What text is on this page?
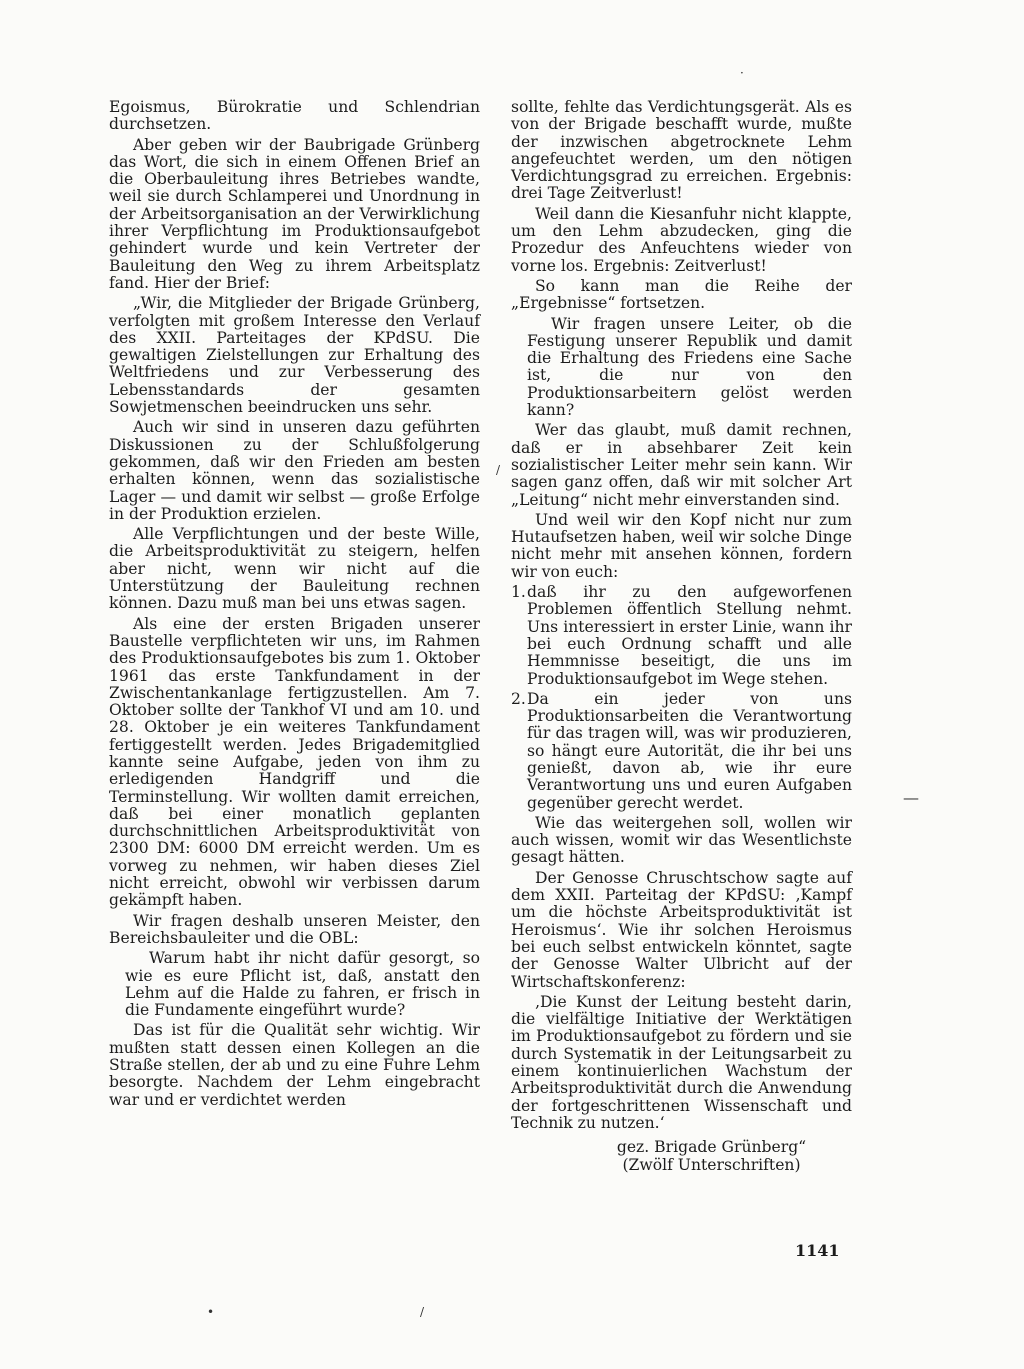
Egoismus, Bürokratie und Schlendrian durchsetzen.

Aber geben wir der Baubrigade Grünberg das Wort, die sich in einem Offenen Brief an die Oberbauleitung ihres Betriebes wandte, weil sie durch Schlamperei und Unordnung in der Arbeitsorganisation an der Verwirklichung ihrer Verpflichtung im Produktionsaufgebot gehindert wurde und kein Vertreter der Bauleitung den Weg zu ihrem Arbeitsplatz fand. Hier der Brief:

„Wir, die Mitglieder der Brigade Grünberg, verfolgten mit großem Interesse den Verlauf des XXII. Parteitages der KPdSU. Die gewaltigen Zielstellungen zur Erhaltung des Weltfriedens und zur Verbesserung des Lebensstandards der gesamten Sowjetmenschen beeindrucken uns sehr.

Auch wir sind in unseren dazu geführten Diskussionen zu der Schlußfolgerung gekommen, daß wir den Frieden am besten erhalten können, wenn das sozialistische Lager — und damit wir selbst — große Erfolge in der Produktion erzielen.

Alle Verpflichtungen und der beste Wille, die Arbeitsproduktivität zu steigern, helfen aber nicht, wenn wir nicht auf die Unterstützung der Bauleitung rechnen können. Dazu muß man bei uns etwas sagen.

Als eine der ersten Brigaden unserer Baustelle verpflichteten wir uns, im Rahmen des Produktionsaufgebotes bis zum 1. Oktober 1961 das erste Tankfundament in der Zwischentankanlage fertigzustellen. Am 7. Oktober sollte der Tankhof VI und am 10. und 28. Oktober je ein weiteres Tankfundament fertiggestellt werden. Jedes Brigademitglied kannte seine Aufgabe, jeden von ihm zu erledigenden Handgriff und die Terminstellung. Wir wollten damit erreichen, daß bei einer monatlich geplanten durchschnittlichen Arbeitsproduktivität von 2300 DM: 6000 DM erreicht werden. Um es vorweg zu nehmen, wir haben dieses Ziel nicht erreicht, obwohl wir verbissen darum gekämpft haben.

Wir fragen deshalb unseren Meister, den Bereichsbauleiter und die OBL:

Warum habt ihr nicht dafür gesorgt, so wie es eure Pflicht ist, daß, anstatt den Lehm auf die Halde zu fahren, er frisch in die Fundamente eingeführt wurde?

Das ist für die Qualität sehr wichtig. Wir mußten statt dessen einen Kollegen an die Straße stellen, der ab und zu eine Fuhre Lehm besorgte. Nachdem der Lehm eingebracht war und er verdichtet werden

sollte, fehlte das Verdichtungsgerät. Als es von der Brigade beschafft wurde, mußte der inzwischen abgetrocknete Lehm angefeuchtet werden, um den nötigen Verdichtungsgrad zu erreichen. Ergebnis: drei Tage Zeitverlust!

Weil dann die Kiesanfuhr nicht klappte, um den Lehm abzudecken, ging die Prozedur des Anfeuchtens wieder von vorne los. Ergebnis: Zeitverlust!

So kann man die Reihe der „Ergebnisse“ fortsetzen.

Wir fragen unsere Leiter, ob die Festigung unserer Republik und damit die Erhaltung des Friedens eine Sache ist, die nur von den Produktionsarbeitern gelöst werden kann?

Wer das glaubt, muß damit rechnen, daß er in absehbarer Zeit kein sozialistischer Leiter mehr sein kann. Wir sagen ganz offen, daß wir mit solcher Art „Leitung“ nicht mehr einverstanden sind.

Und weil wir den Kopf nicht nur zum Hutaufsetzen haben, weil wir solche Dinge nicht mehr mit ansehen können, fordern wir von euch:

1. daß ihr zu den aufgeworfenen Problemen öffentlich Stellung nehmt. Uns interessiert in erster Linie, wann ihr bei euch Ordnung schafft und alle Hemmnisse beseitigt, die uns im Produktionsaufgebot im Wege stehen.
2. Da ein jeder von uns Produktionsarbeiten die Verantwortung für das tragen will, was wir produzieren, so hängt eure Autorität, die ihr bei uns genießt, davon ab, wie ihr eure Verantwortung uns und euren Aufgaben gegenüber gerecht werdet.

Wie das weitergehen soll, wollen wir auch wissen, womit wir das Wesentlichste gesagt hätten.

Der Genosse Chruschtschow sagte auf dem XXII. Parteitag der KPdSU: ‚Kampf um die höchste Arbeitsproduktivität ist Heroismus‘. Wie ihr solchen Heroismus bei euch selbst entwickeln könntet, sagte der Genosse Walter Ulbricht auf der Wirtschaftskonferenz:

‚Die Kunst der Leitung besteht darin, die vielfältige Initiative der Werktätigen im Produktionsaufgebot zu fördern und sie durch Systematik in der Leitungsarbeit zu einem kontinuierlichen Wachstum der Arbeitsproduktivität durch die Anwendung der fortgeschrittenen Wissenschaft und Technik zu nutzen.‘

gez. Brigade Grünberg“
(Zwölf Unterschriften)
1141
·
—
/
•	/
